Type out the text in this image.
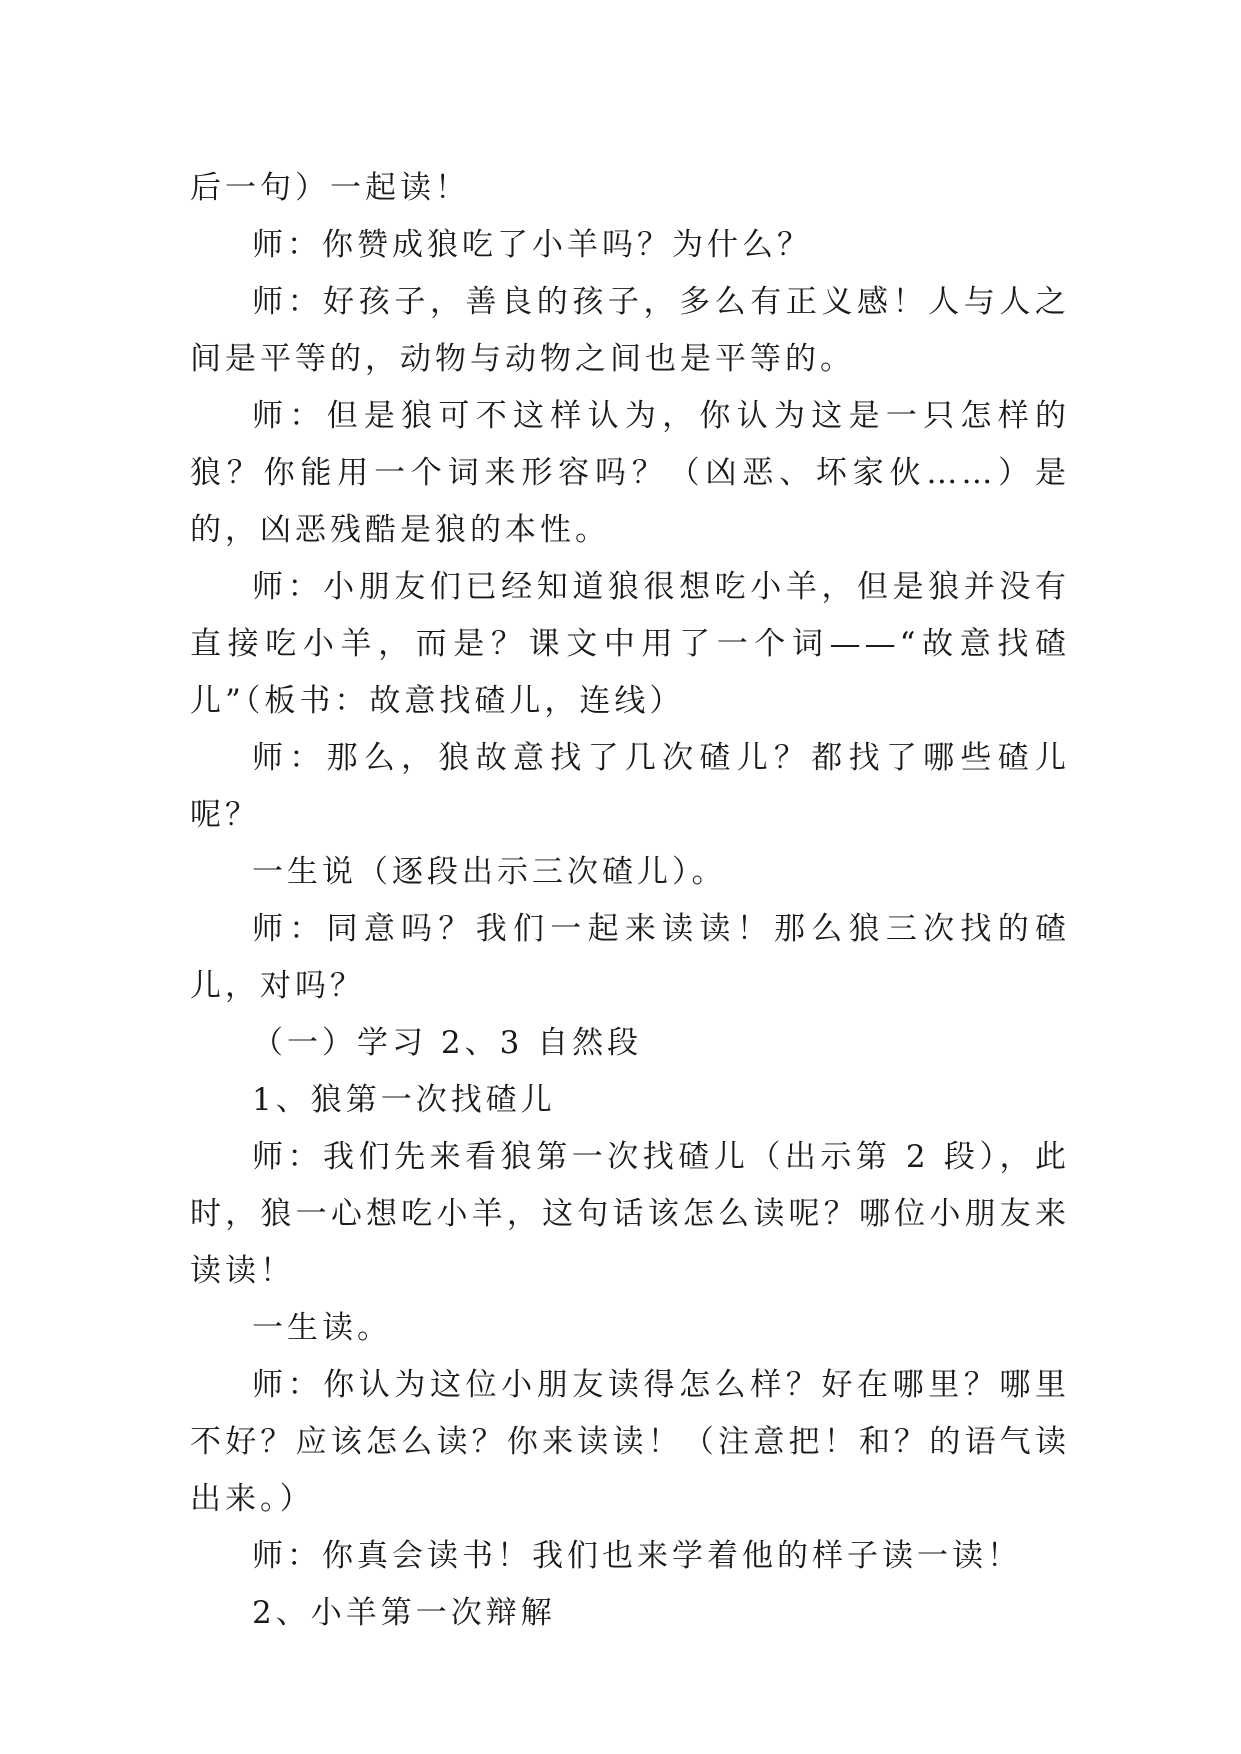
后一句）一起读！

师：你赞成狼吃了小羊吗？为什么？

师：好孩子，善良的孩子，多么有正义感！人与人之间是平等的，动物与动物之间也是平等的。

师：但是狼可不这样认为，你认为这是一只怎样的狼？你能用一个词来形容吗？（凶恶、坏家伙……）是的，凶恶残酷是狼的本性。

师：小朋友们已经知道狼很想吃小羊，但是狼并没有直接吃小羊，而是？课文中用了一个词——“故意找碴儿”（板书：故意找碴儿，连线）

师：那么，狼故意找了几次碴儿？都找了哪些碴儿呢？

一生说（逐段出示三次碴儿）。

师：同意吗？我们一起来读读！那么狼三次找的碴儿，对吗？

（一）学习 2、3 自然段

1、狼第一次找碴儿

师：我们先来看狼第一次找碴儿（出示第 2 段），此时，狼一心想吃小羊，这句话该怎么读呢？哪位小朋友来读读！

一生读。

师：你认为这位小朋友读得怎么样？好在哪里？哪里不好？应该怎么读？你来读读！（注意把！和？的语气读出来。）

师：你真会读书！我们也来学着他的样子读一读！

2、小羊第一次辩解
